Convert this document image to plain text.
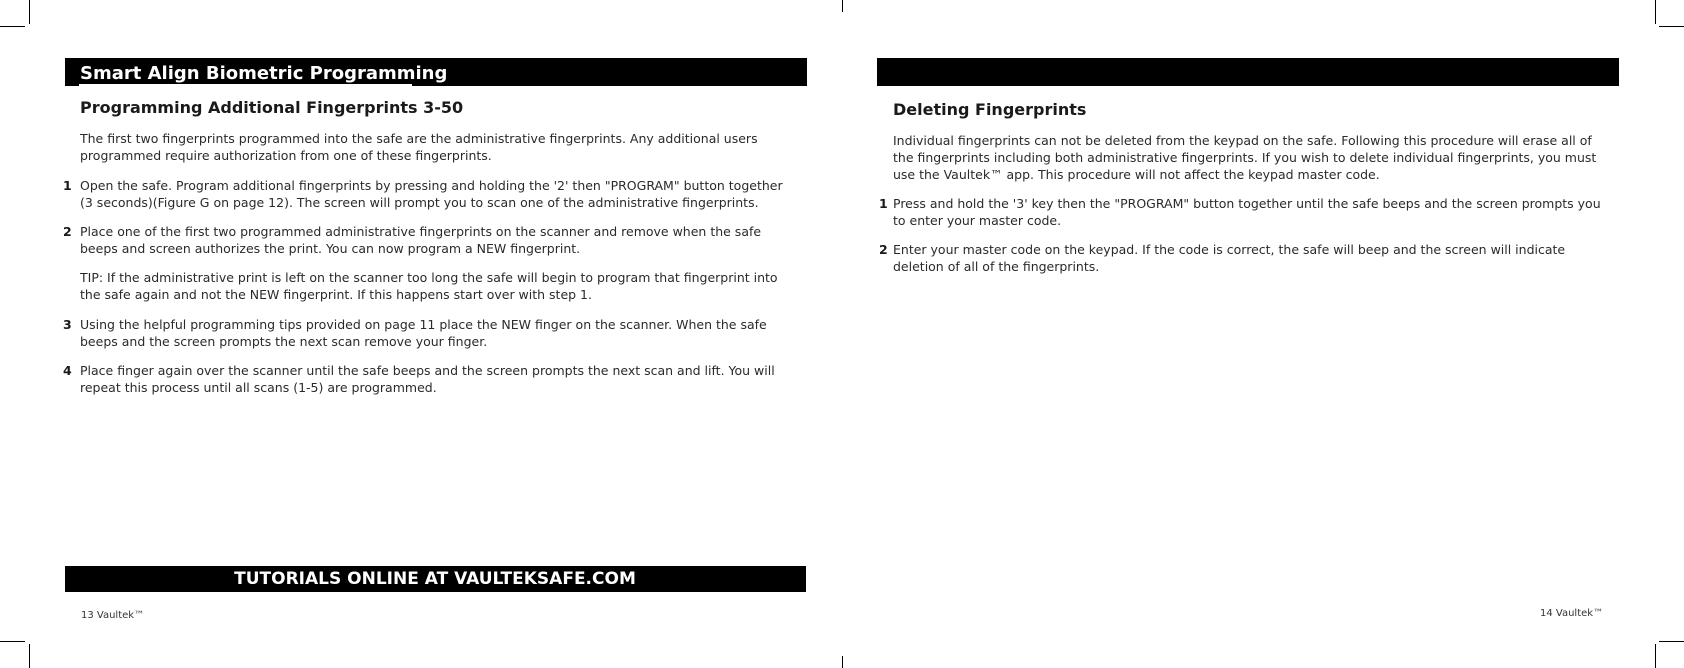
Smart Align Biometric Programming
Programming Additional Fingerprints 3-50

The first two fingerprints programmed into the safe are the administrative fingerprints. Any additional users programmed require authorization from one of these fingerprints.

1 Open the safe. Program additional fingerprints by pressing and holding the '2' then "PROGRAM" button together (3 seconds)(Figure G on page 12). The screen will prompt you to scan one of the administrative fingerprints.

2 Place one of the first two programmed administrative fingerprints on the scanner and remove when the safe beeps and screen authorizes the print. You can now program a NEW fingerprint.

TIP: If the administrative print is left on the scanner too long the safe will begin to program that fingerprint into the safe again and not the NEW fingerprint. If this happens start over with step 1.

3 Using the helpful programming tips provided on page 11 place the NEW finger on the scanner. When the safe beeps and the screen prompts the next scan remove your finger.

4 Place finger again over the scanner until the safe beeps and the screen prompts the next scan and lift. You will repeat this process until all scans (1-5) are programmed.

TUTORIALS ONLINE AT VAULTEKSAFE.COM
13 Vaultek™
Deleting Fingerprints

Individual fingerprints can not be deleted from the keypad on the safe. Following this procedure will erase all of the fingerprints including both administrative fingerprints. If you wish to delete individual fingerprints, you must use the Vaultek™ app. This procedure will not affect the keypad master code.

1 Press and hold the '3' key then the "PROGRAM" button together until the safe beeps and the screen prompts you to enter your master code.

2 Enter your master code on the keypad. If the code is correct, the safe will beep and the screen will indicate deletion of all of the fingerprints.

14 Vaultek™
